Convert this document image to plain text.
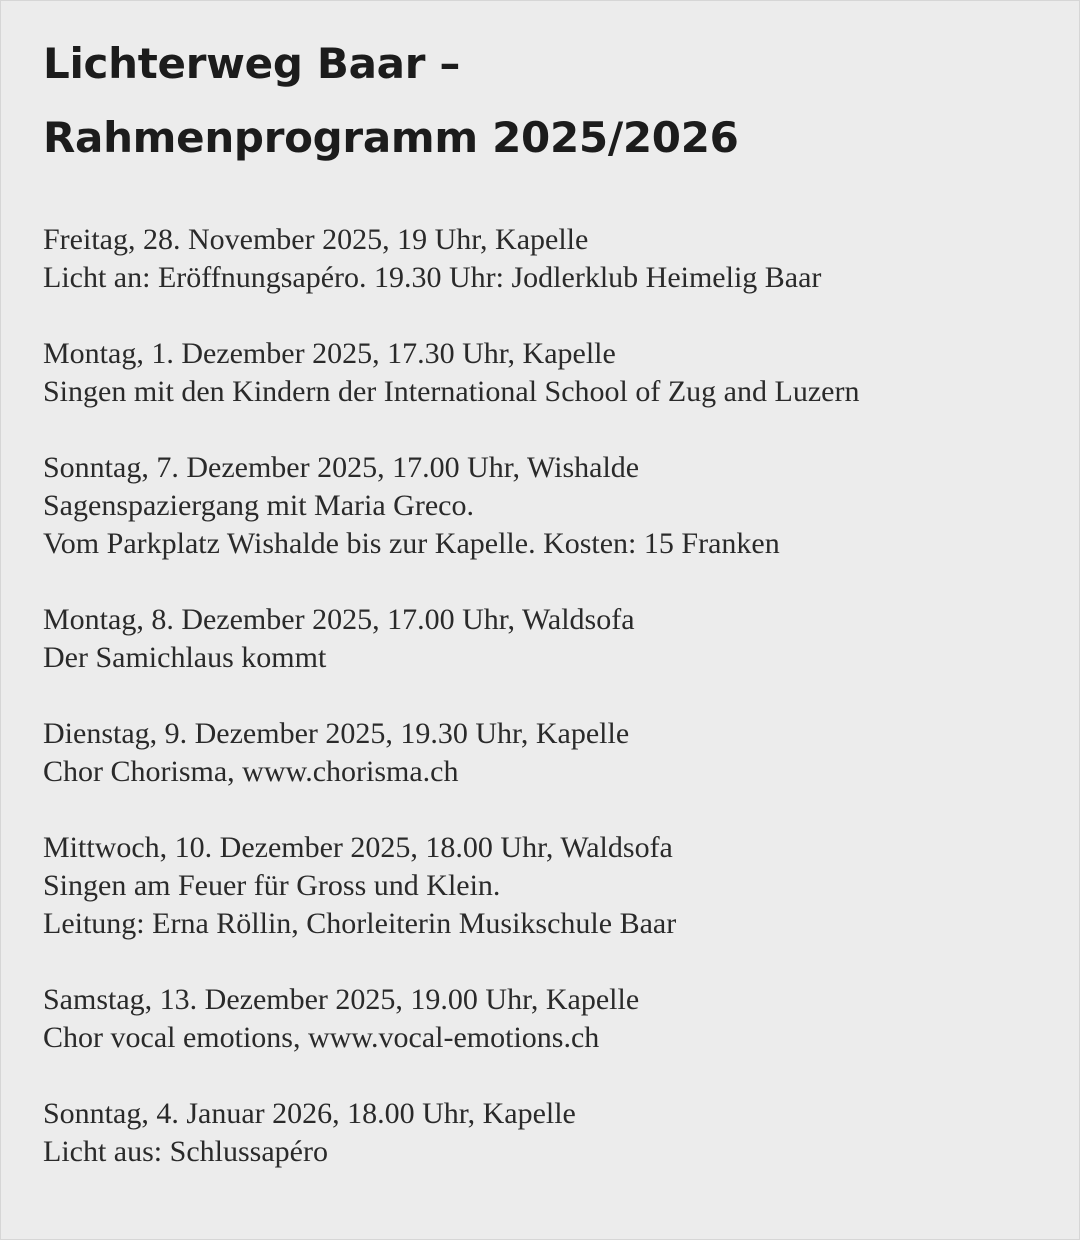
Lichterweg Baar –
Rahmenprogramm 2025/2026
Freitag, 28. November 2025, 19 Uhr, Kapelle
Licht an: Eröffnungsapéro. 19.30 Uhr: Jodlerklub Heimelig Baar
Montag, 1. Dezember 2025, 17.30 Uhr, Kapelle
Singen mit den Kindern der International School of Zug and Luzern
Sonntag, 7. Dezember 2025, 17.00 Uhr, Wishalde
Sagenspaziergang mit Maria Greco.
Vom Parkplatz Wishalde bis zur Kapelle. Kosten: 15 Franken
Montag, 8. Dezember 2025, 17.00 Uhr, Waldsofa
Der Samichlaus kommt
Dienstag, 9. Dezember 2025, 19.30 Uhr, Kapelle
Chor Chorisma, www.chorisma.ch
Mittwoch, 10. Dezember 2025, 18.00 Uhr, Waldsofa
Singen am Feuer für Gross und Klein.
Leitung: Erna Röllin, Chorleiterin Musikschule Baar
Samstag, 13. Dezember 2025, 19.00 Uhr, Kapelle
Chor vocal emotions, www.vocal-emotions.ch
Sonntag, 4. Januar 2026, 18.00 Uhr, Kapelle
Licht aus: Schlussapéro
